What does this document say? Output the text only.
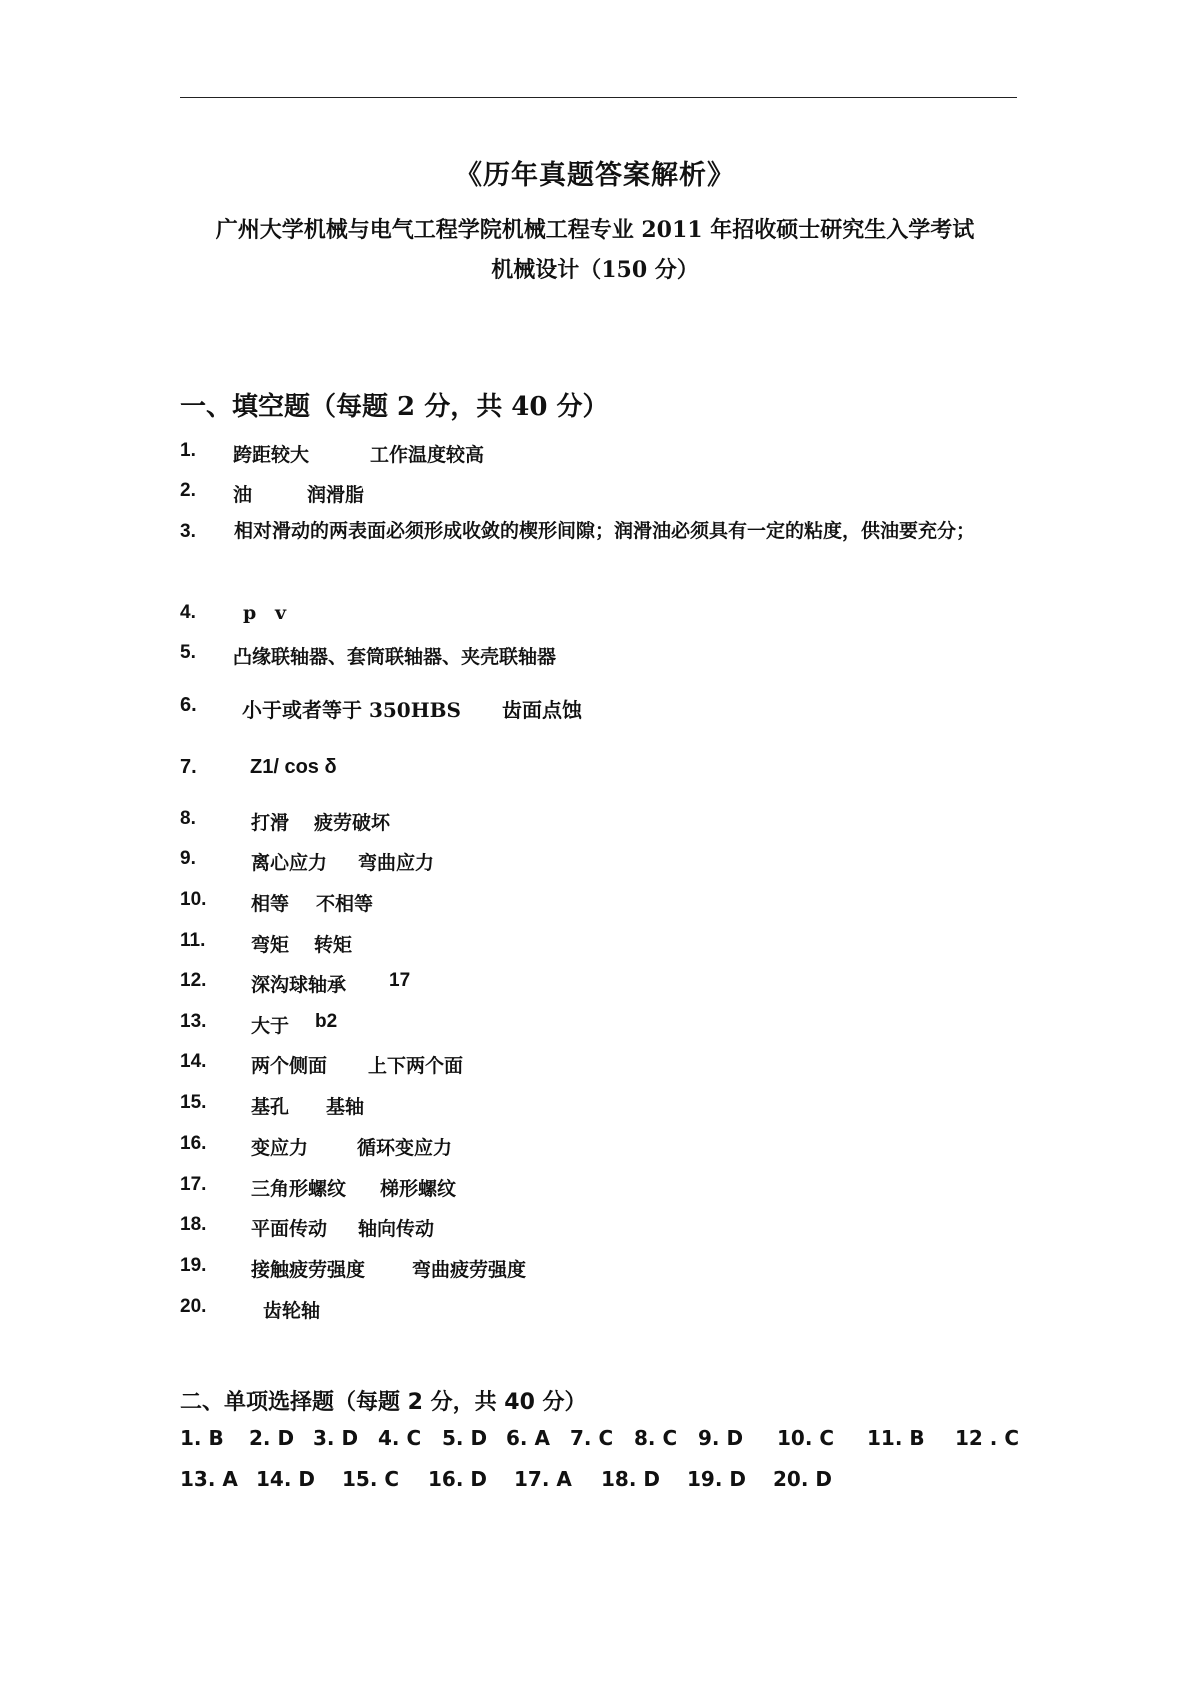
《历年真题答案解析》
广州大学机械与电气工程学院机械工程专业 2011 年招收硕士研究生入学考试
机械设计（150 分）
一、填空题（每题 2 分，共 40 分）
1. 跨距较大	工作温度较高
2. 油	润滑脂
3. 相对滑动的两表面必须形成收敛的楔形间隙；润滑油必须具有一定的粘度，供油要充分；
4. p v
5. 凸缘联轴器、套筒联轴器、夹壳联轴器
6. 小于或者等于 350HBS 齿面点蚀
7.	Z1/ cos δ
8.	打滑 疲劳破坏
9.	离心应力 弯曲应力
10. 相等 不相等
11. 弯矩 转矩
12. 深沟球轴承 17
13. 大于 b2
14. 两个侧面 上下两个面
15. 基孔 基轴
16. 变应力	循环变应力
17. 三角形螺纹 梯形螺纹
18. 平面传动 轴向传动
19. 接触疲劳强度 弯曲疲劳强度
20.	齿轮轴
二、单项选择题（每题 2 分，共 40 分）
1. B 2. D 3. D 4. C 5. D 6. A 7. C 8. C 9. D 10. C 11. B 12 . C
13. A 14. D 15. C 16. D 17. A 18. D 19. D 20. D
